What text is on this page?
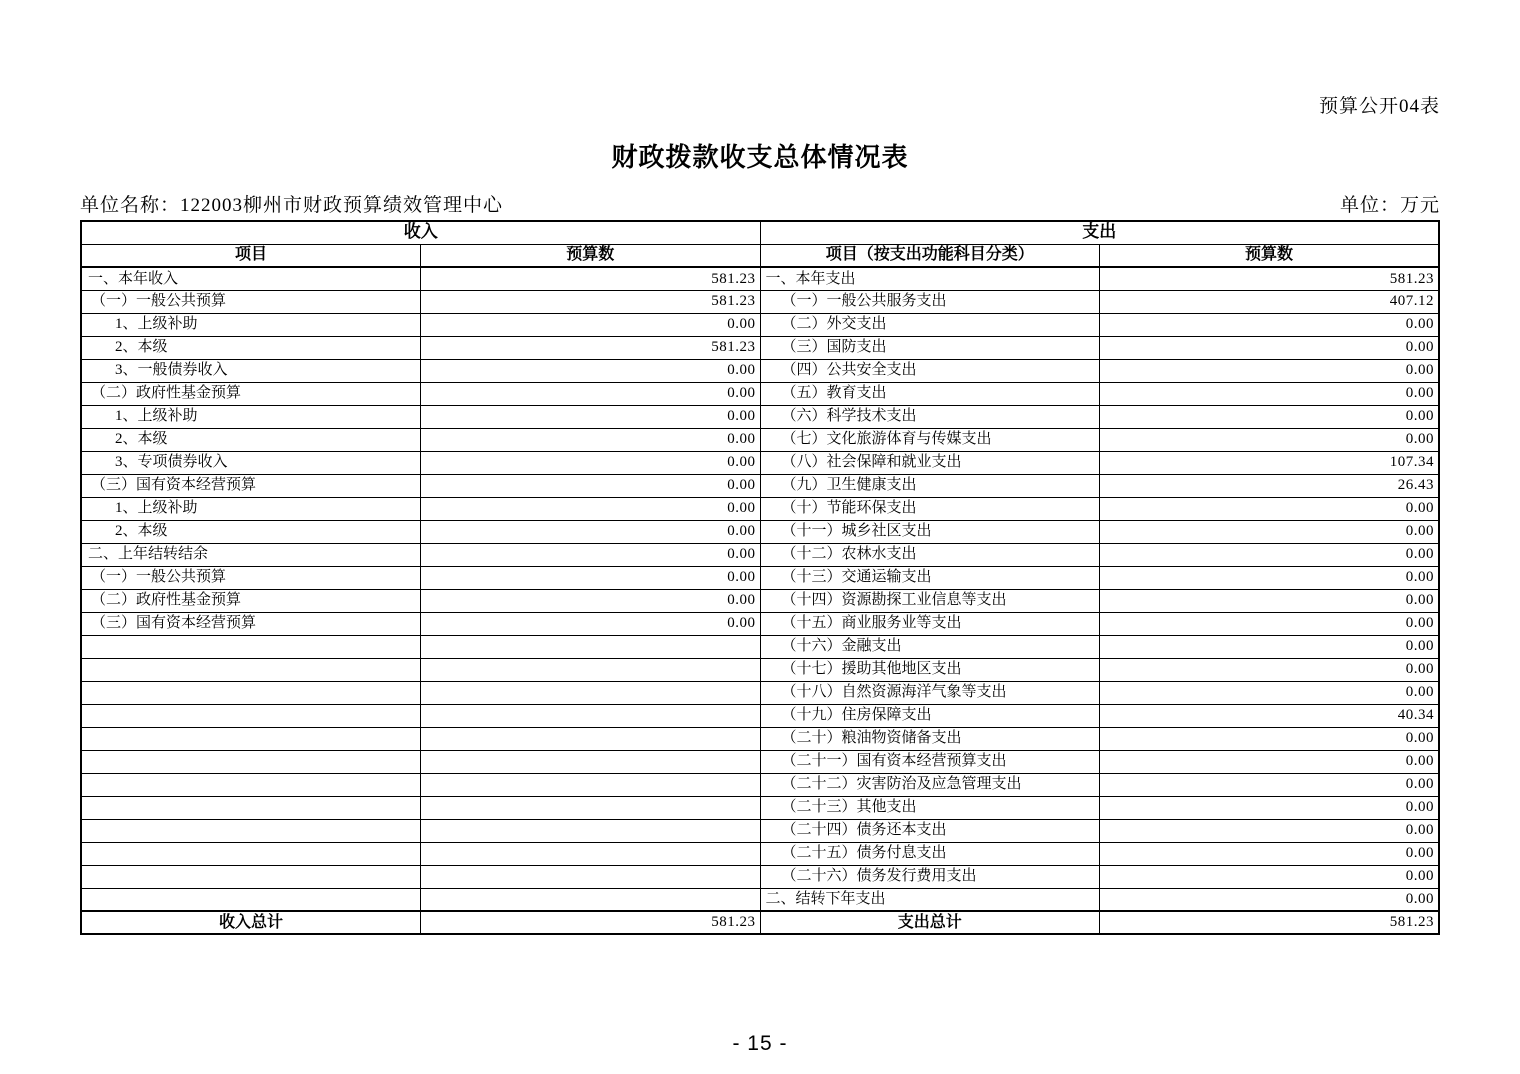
预算公开04表
财政拨款收支总体情况表
单位名称：122003柳州市财政预算绩效管理中心	单位：万元
收入		支出	
项目	预算数	项目（按支出功能科目分类）	预算数
一、本年收入	581.23	一、本年支出	581.23
（一）一般公共预算	581.23	（一）一般公共服务支出	407.12
1、上级补助	0.00	（二）外交支出	0.00
2、本级	581.23	（三）国防支出	0.00
3、一般债券收入	0.00	（四）公共安全支出	0.00
（二）政府性基金预算	0.00	（五）教育支出	0.00
1、上级补助	0.00	（六）科学技术支出	0.00
2、本级	0.00	（七）文化旅游体育与传媒支出	0.00
3、专项债券收入	0.00	（八）社会保障和就业支出	107.34
（三）国有资本经营预算	0.00	（九）卫生健康支出	26.43
1、上级补助	0.00	（十）节能环保支出	0.00
2、本级	0.00	（十一）城乡社区支出	0.00
二、上年结转结余	0.00	（十二）农林水支出	0.00
（一）一般公共预算	0.00	（十三）交通运输支出	0.00
（二）政府性基金预算	0.00	（十四）资源勘探工业信息等支出	0.00
（三）国有资本经营预算	0.00	（十五）商业服务业等支出	0.00
		（十六）金融支出	0.00
		（十七）援助其他地区支出	0.00
		（十八）自然资源海洋气象等支出	0.00
		（十九）住房保障支出	40.34
		（二十）粮油物资储备支出	0.00
		（二十一）国有资本经营预算支出	0.00
		（二十二）灾害防治及应急管理支出	0.00
		（二十三）其他支出	0.00
		（二十四）债务还本支出	0.00
		（二十五）债务付息支出	0.00
		（二十六）债务发行费用支出	0.00
		二、结转下年支出	0.00
收入总计	581.23	支出总计	581.23
- 15 -
